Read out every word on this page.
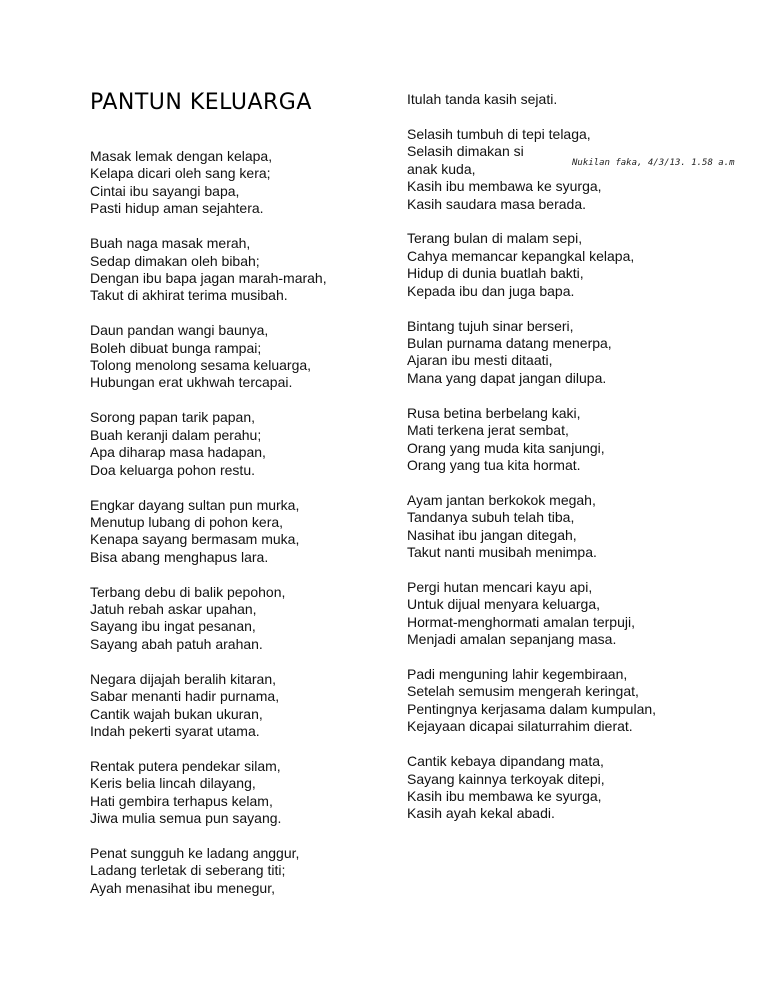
PANTUN KELUARGA
Masak lemak dengan kelapa,
Kelapa dicari oleh sang kera;
Cintai ibu sayangi bapa,
Pasti hidup aman sejahtera.
Buah naga masak merah,
Sedap dimakan oleh bibah;
Dengan ibu bapa jagan marah-marah,
Takut di akhirat terima musibah.
Daun pandan wangi baunya,
Boleh dibuat bunga rampai;
Tolong menolong sesama keluarga,
Hubungan erat ukhwah tercapai.
Sorong papan tarik papan,
Buah keranji dalam perahu;
Apa diharap masa hadapan,
Doa keluarga pohon restu.
Engkar dayang sultan pun murka,
Menutup lubang di pohon kera,
Kenapa sayang bermasam muka,
Bisa abang menghapus lara.
Terbang debu di balik pepohon,
Jatuh rebah askar upahan,
Sayang ibu ingat pesanan,
Sayang abah patuh arahan.
Negara dijajah beralih kitaran,
Sabar menanti hadir purnama,
Cantik wajah bukan ukuran,
Indah pekerti syarat utama.
Rentak putera pendekar silam,
Keris belia lincah dilayang,
Hati gembira terhapus kelam,
Jiwa mulia semua pun sayang.
Penat sungguh ke ladang anggur,
Ladang terletak di seberang titi;
Ayah menasihat ibu menegur,
Itulah tanda kasih sejati.
Selasih tumbuh di tepi telaga,
Selasih dimakan si
anak kuda,
Kasih ibu membawa ke syurga,
Kasih saudara masa berada.
Terang bulan di malam sepi,
Cahya memancar kepangkal kelapa,
Hidup di dunia buatlah bakti,
Kepada ibu dan juga bapa.
Bintang tujuh sinar berseri,
Bulan purnama datang menerpa,
Ajaran ibu mesti ditaati,
Mana yang dapat jangan dilupa.
Rusa betina berbelang kaki,
Mati terkena jerat sembat,
Orang yang muda kita sanjungi,
Orang yang tua kita hormat.
Ayam jantan berkokok megah,
Tandanya subuh telah tiba,
Nasihat ibu jangan ditegah,
Takut nanti musibah menimpa.
Pergi hutan mencari kayu api,
Untuk dijual menyara keluarga,
Hormat-menghormati amalan terpuji,
Menjadi amalan sepanjang masa.
Padi menguning lahir kegembiraan,
Setelah semusim mengerah keringat,
Pentingnya kerjasama dalam kumpulan,
Kejayaan dicapai silaturrahim dierat.
Cantik kebaya dipandang mata,
Sayang kainnya terkoyak ditepi,
Kasih ibu membawa ke syurga,
Kasih ayah kekal abadi.
Nukilan faka, 4/3/13. 1.58 a.m
